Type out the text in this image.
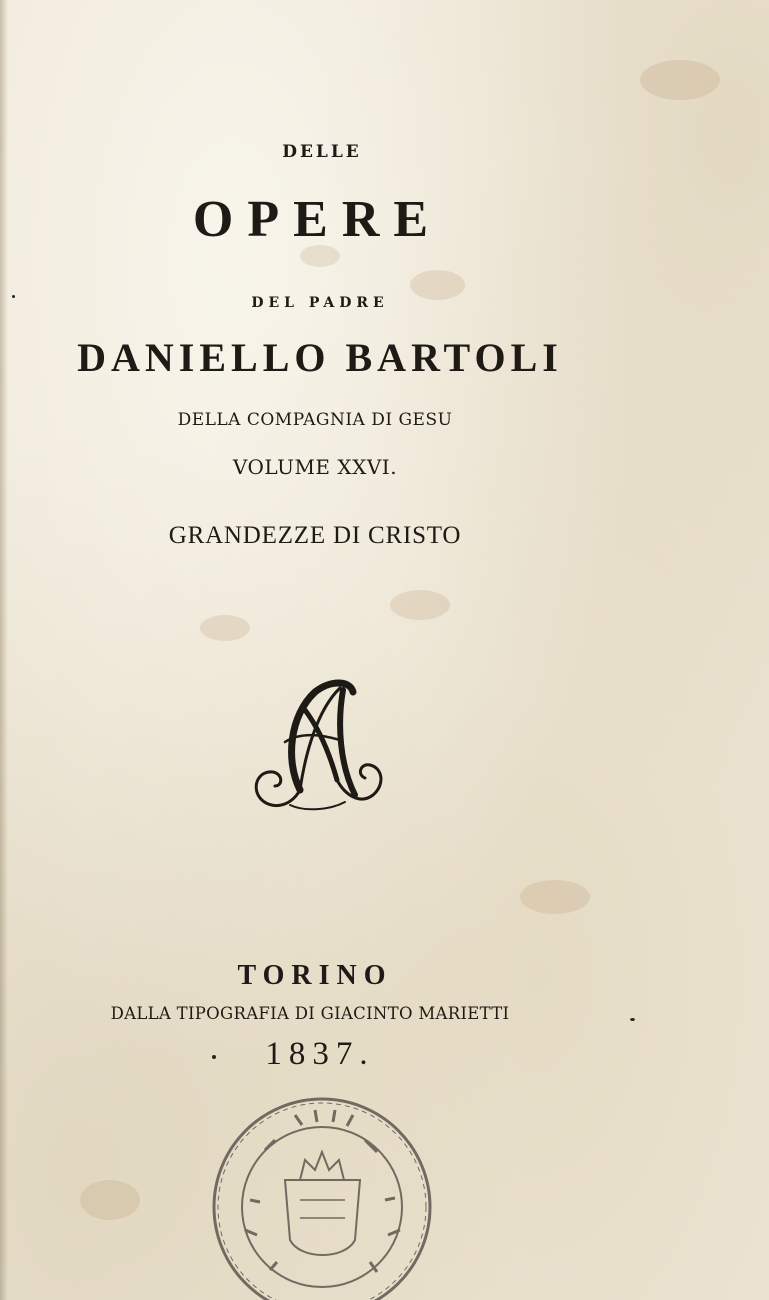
DELLE
OPERE
DEL PADRE
DANIELLO BARTOLI
DELLA COMPAGNIA DI GESU
VOLUME XXVI.
GRANDEZZE DI CRISTO
TORINO
DALLA TIPOGRAFIA DI GIACINTO MARIETTI
1837.
